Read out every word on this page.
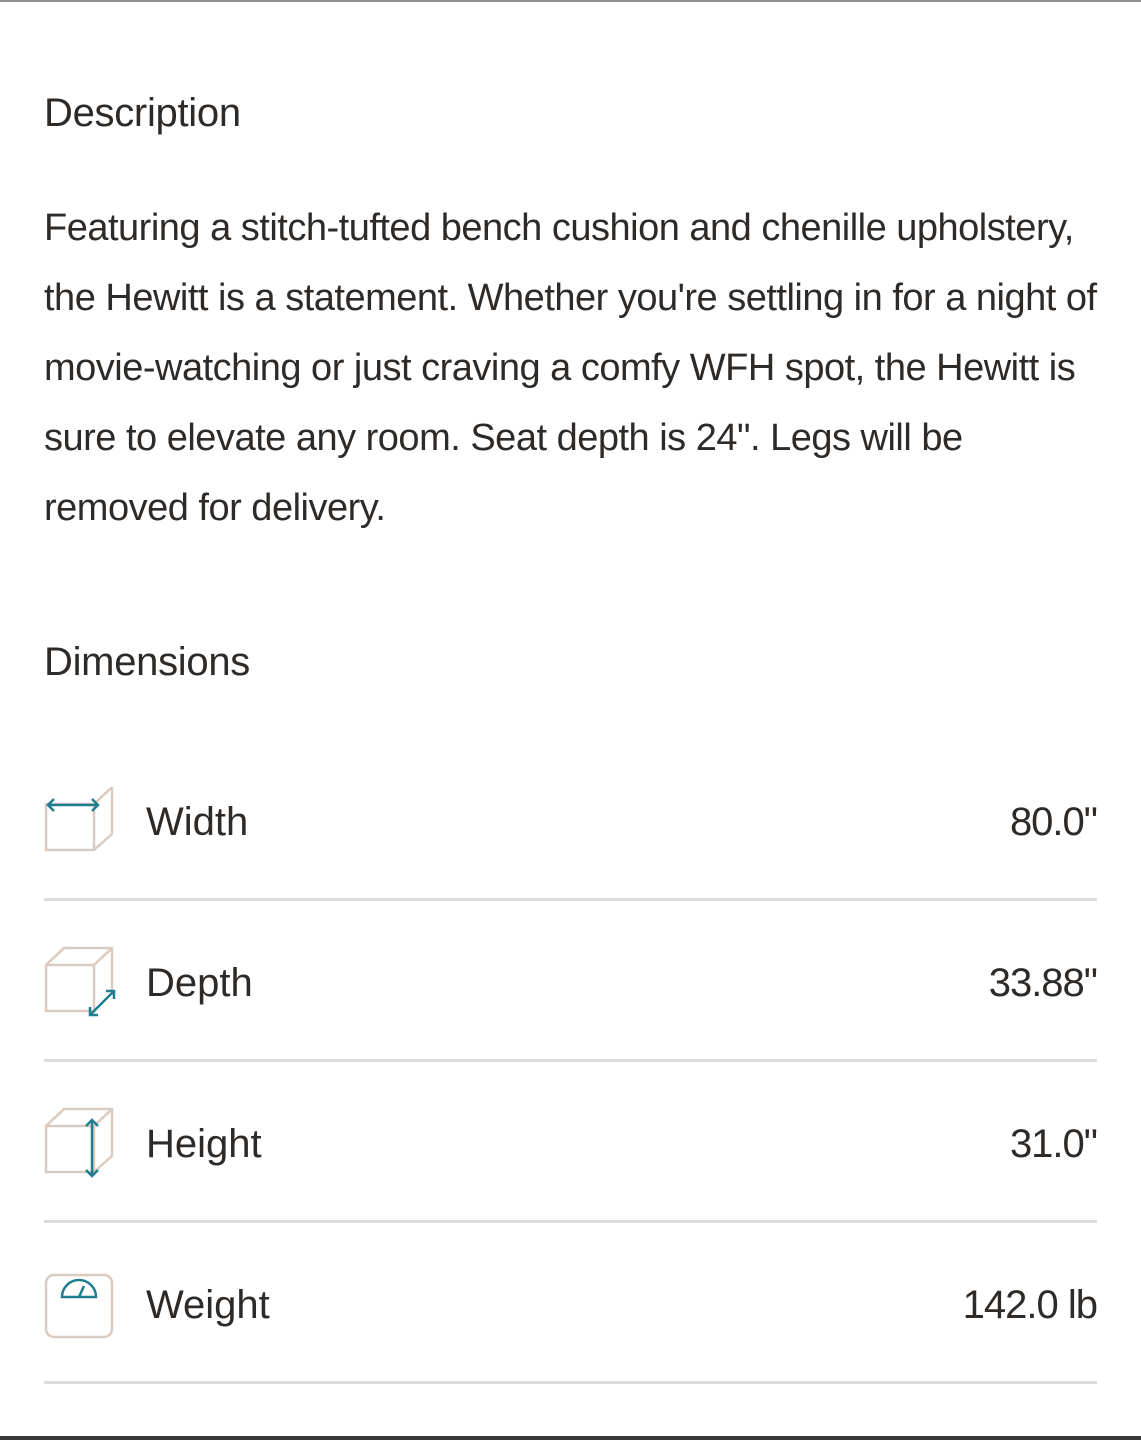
Description

Featuring a stitch-tufted bench cushion and chenille upholstery, the Hewitt is a statement. Whether you're settling in for a night of movie-watching or just craving a comfy WFH spot, the Hewitt is sure to elevate any room. Seat depth is 24". Legs will be removed for delivery.

Dimensions
Width	80.0"
Depth	33.88"
Height	31.0"
Weight	142.0 lb
